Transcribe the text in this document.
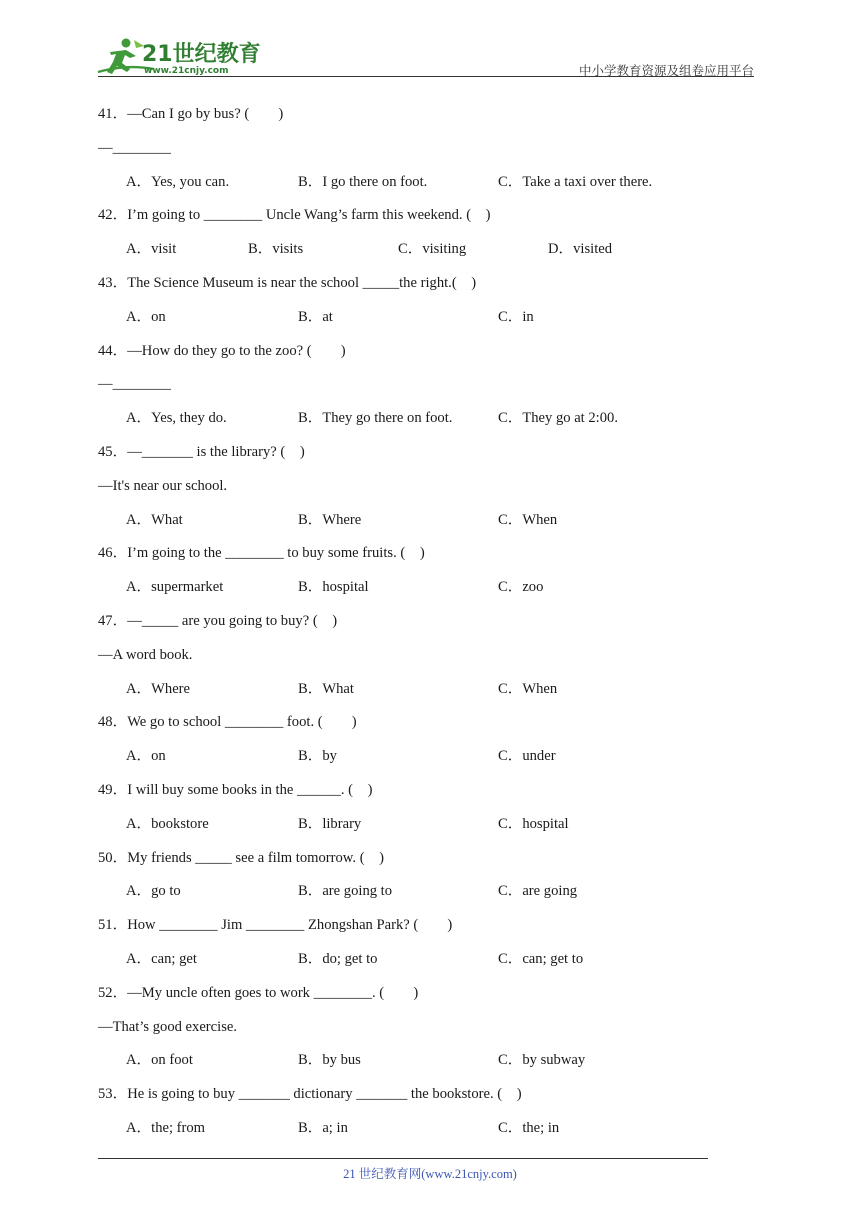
21世纪教育
www.21cnjy.com	中小学教育资源及组卷应用平台
41．—Can I go by bus? (　　)
—________
A．Yes, you can.	B．I go there on foot.	C．Take a taxi over there.
42．I’m going to ________ Uncle Wang’s farm this weekend. (　)
A．visit	B．visits	C．visiting	D．visited
43．The Science Museum is near the school _____the right.(　)
A．on	B．at	C．in
44．—How do they go to the zoo? (　　)
—________
A．Yes, they do.	B．They go there on foot.	C．They go at 2:00.
45．—_______ is the library? (　)
—It's near our school.
A．What	B．Where	C．When
46．I’m going to the ________ to buy some fruits. (　)
A．supermarket	B．hospital	C．zoo
47．—_____ are you going to buy? (　)
—A word book.
A．Where	B．What	C．When
48．We go to school ________ foot. (　　)
A．on	B．by	C．under
49．I will buy some books in the ______. (　)
A．bookstore	B．library	C．hospital
50．My friends _____ see a film tomorrow. (　)
A．go to	B．are going to	C．are going
51．How ________ Jim ________ Zhongshan Park? (　　)
A．can; get	B．do; get to	C．can; get to
52．—My uncle often goes to work ________. (　　)
—That’s good exercise.
A．on foot	B．by bus	C．by subway
53．He is going to buy _______ dictionary _______ the bookstore. (　)
A．the; from	B．a; in	C．the; in
21 世纪教育网(www.21cnjy.com)
